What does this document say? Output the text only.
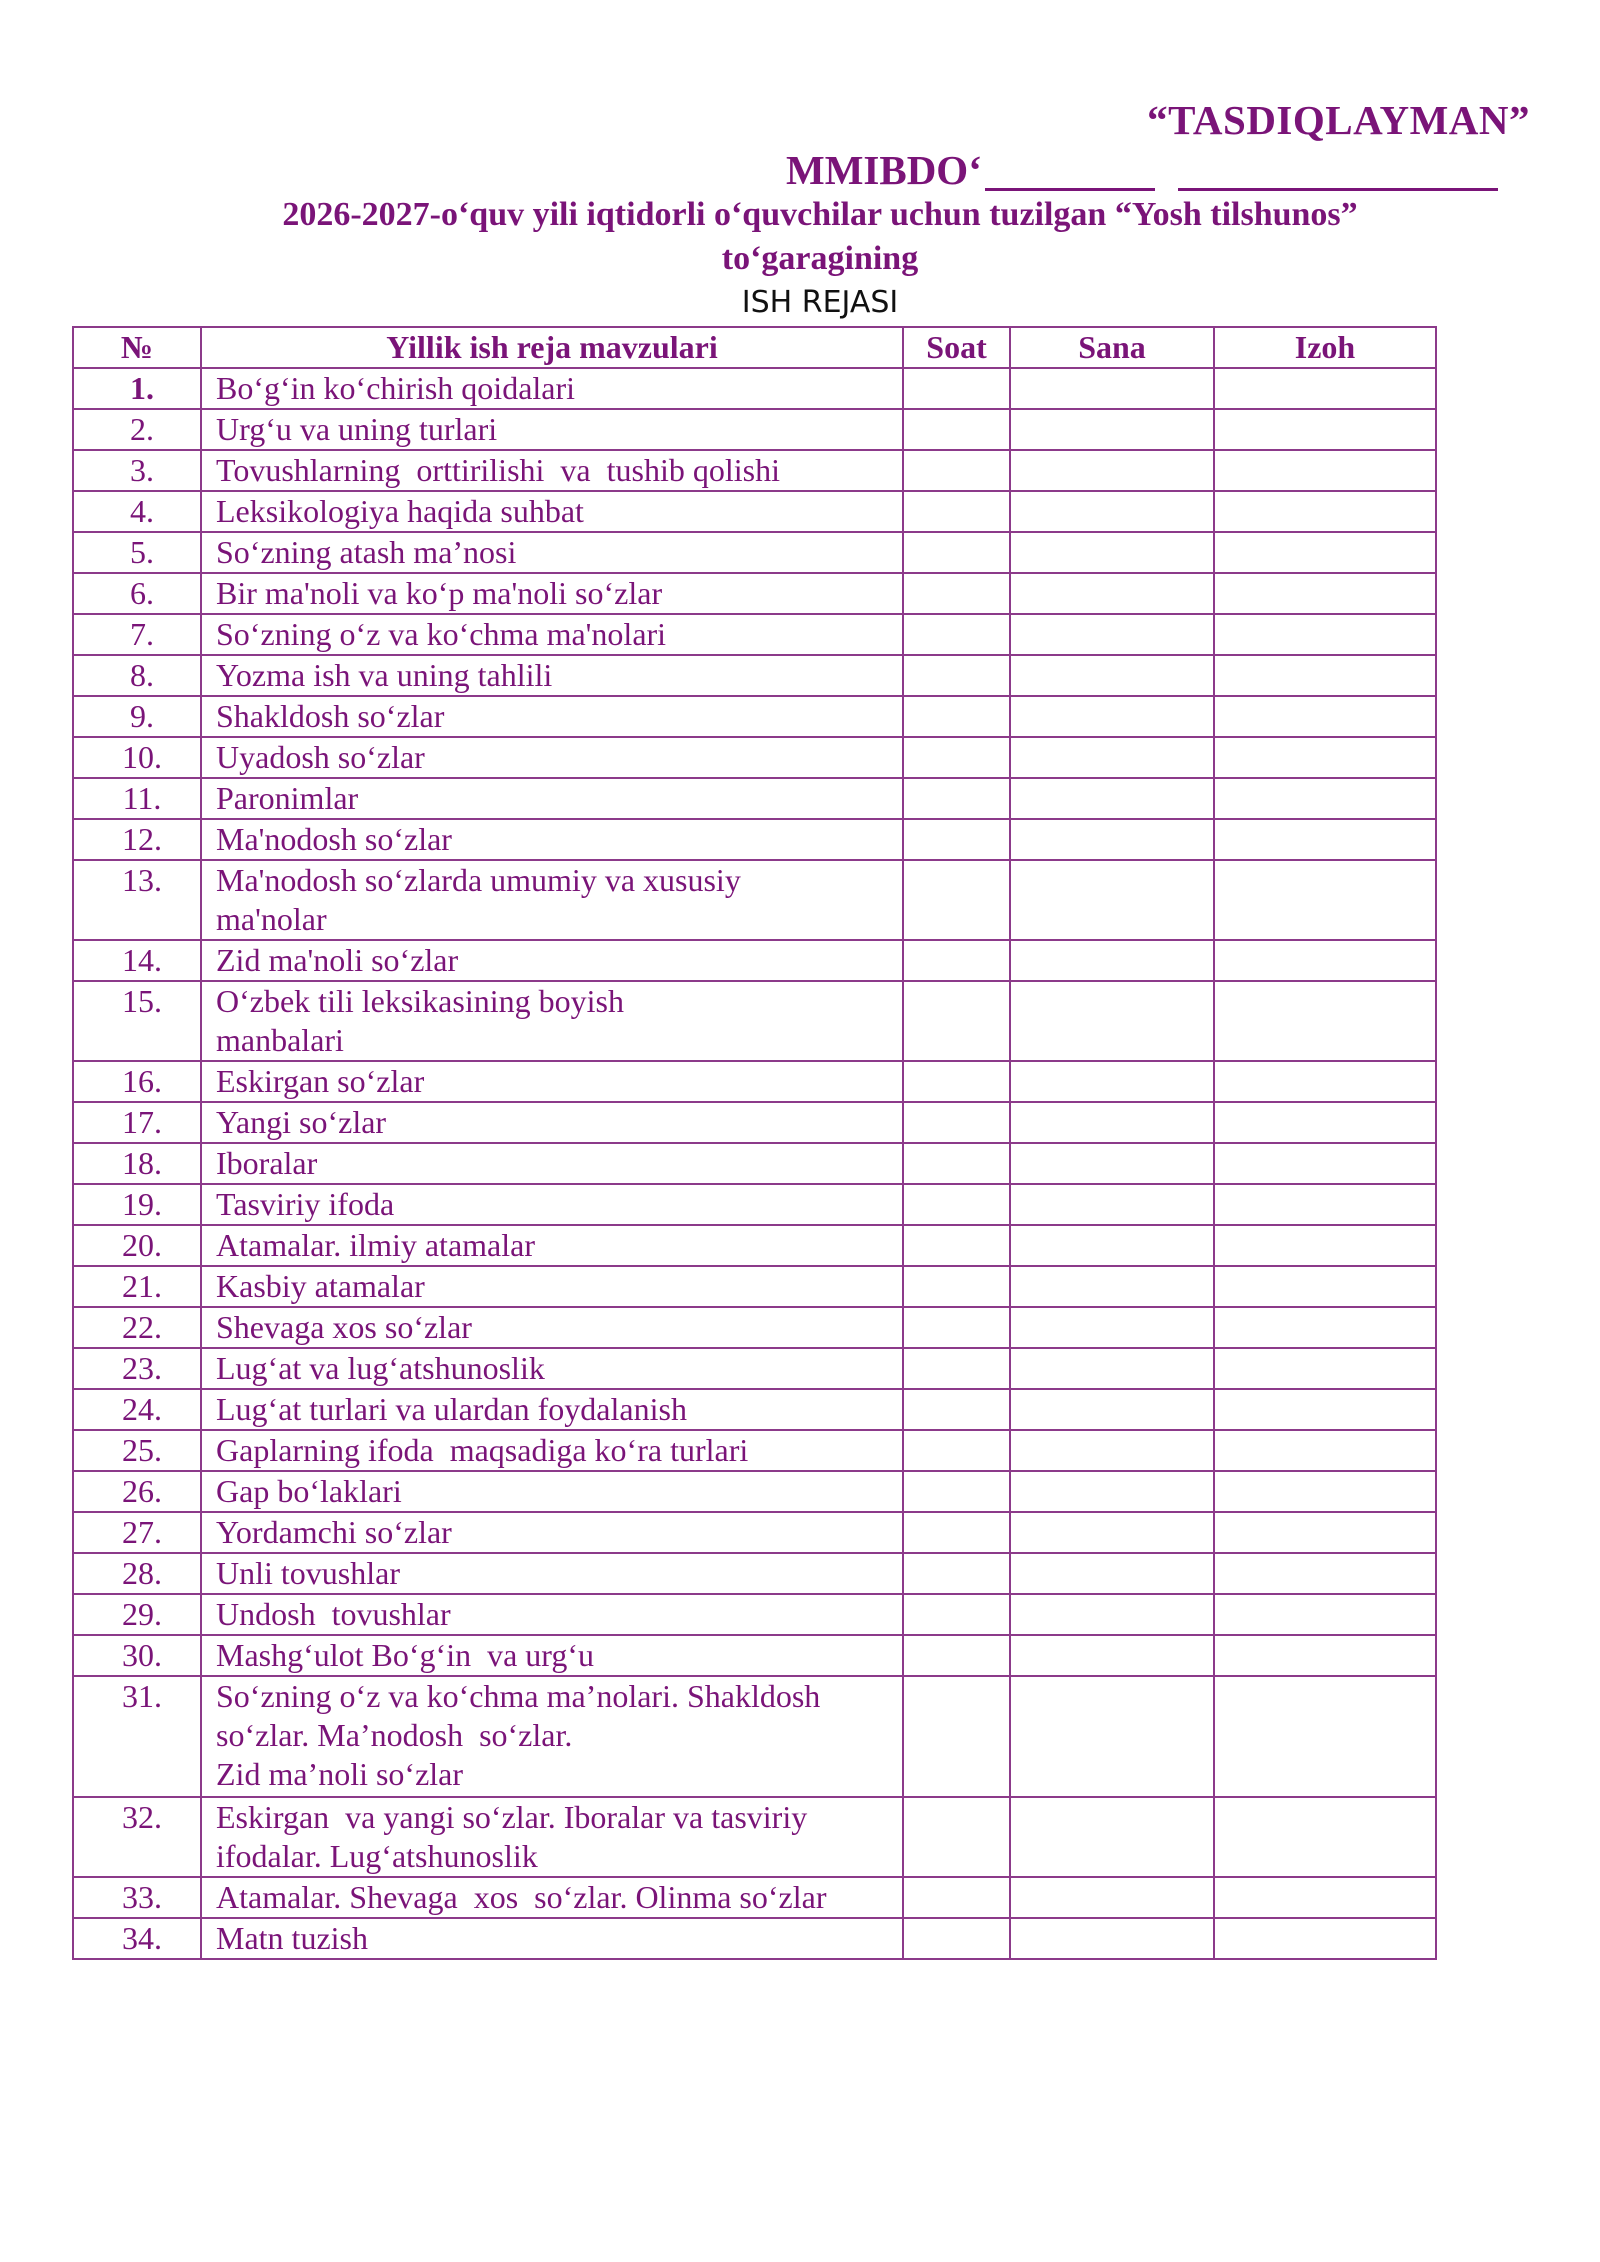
“TASDIQLAYMAN”
MMIBDO‘
2026-2027-o‘quv yili iqtidorli o‘quvchilar uchun tuzilgan “Yosh tilshunos”
to‘garagining
ISH REJASI
№	Yillik ish reja mavzulari	Soat	Sana	Izoh
1.	Bo‘g‘in ko‘chirish qoidalari			

2.	Urg‘u va uning turlari			

3.	Tovushlarning  orttirilishi  va  tushib qolishi			

4.	Leksikologiya haqida suhbat			

5.	So‘zning atash ma’nosi			

6.	Bir ma'noli va ko‘p ma'noli so‘zlar			

7.	So‘zning o‘z va ko‘chma ma'nolari			

8.	Yozma ish va uning tahlili			

9.	Shakldosh so‘zlar			

10.	Uyadosh so‘zlar			

11.	Paronimlar			

12.	Ma'nodosh so‘zlar			

13.	Ma'nodosh so‘zlarda umumiy va xususiy
ma'nolar			

14.	Zid ma'noli so‘zlar			

15.	O‘zbek tili leksikasining boyish
manbalari			

16.	Eskirgan so‘zlar			

17.	Yangi so‘zlar			

18.	Iboralar			

19.	Tasviriy ifoda			

20.	Atamalar. ilmiy atamalar			

21.	Kasbiy atamalar			

22.	Shevaga xos so‘zlar			

23.	Lug‘at va lug‘atshunoslik			

24.	Lug‘at turlari va ulardan foydalanish			

25.	Gaplarning ifoda  maqsadiga ko‘ra turlari			

26.	Gap bo‘laklari			

27.	Yordamchi so‘zlar			

28.	Unli tovushlar			

29.	Undosh  tovushlar			

30.	Mashg‘ulot Bo‘g‘in  va urg‘u			

31.	So‘zning o‘z va ko‘chma ma’nolari. Shakldosh
so‘zlar. Ma’nodosh  so‘zlar.
Zid ma’noli so‘zlar			

32.	Eskirgan  va yangi so‘zlar. Iboralar va tasviriy
ifodalar. Lug‘atshunoslik			

33.	Atamalar. Shevaga  xos  so‘zlar. Olinma so‘zlar			

34.	Matn tuzish			
